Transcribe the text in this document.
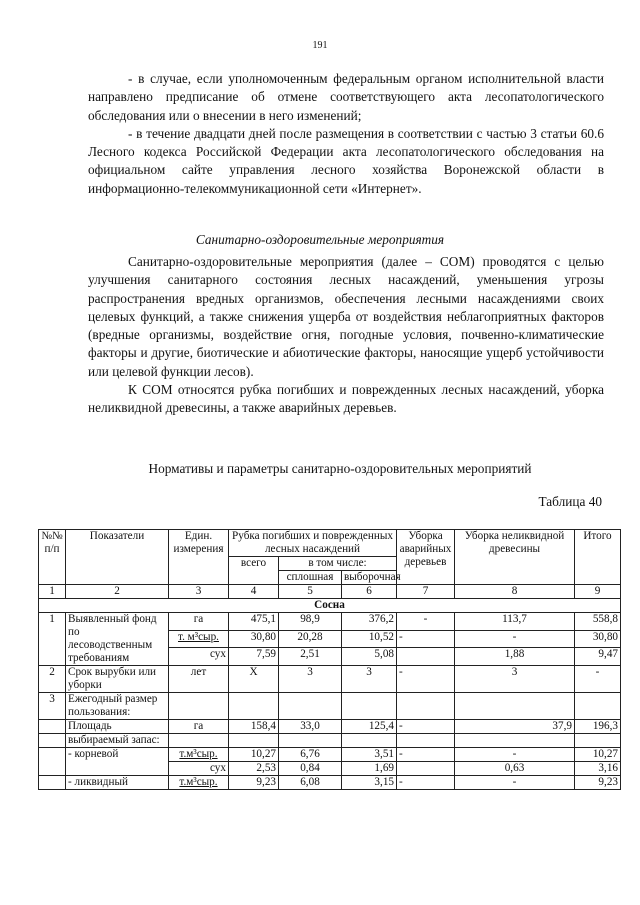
191

- в случае, если уполномоченным федеральным органом исполнительной власти направлено предписание об отмене соответствующего акта лесопатологического обследования или о внесении в него изменений;

- в течение двадцати дней после размещения в соответствии с частью 3 статьи 60.6 Лесного кодекса Российской Федерации акта лесопатологического обследования на официальном сайте управления лесного хозяйства Воронежской области в информационно-телекоммуникационной сети «Интернет».

Санитарно-оздоровительные мероприятия

Санитарно-оздоровительные мероприятия (далее – СОМ) проводятся с целью улучшения санитарного состояния лесных насаждений, уменьшения угрозы распространения вредных организмов, обеспечения лесными насаждениями своих целевых функций, а также снижения ущерба от воздействия неблагоприятных факторов (вредные организмы, воздействие огня, погодные условия, почвенно-климатические факторы и другие, биотические и абиотические факторы, наносящие ущерб устойчивости или целевой функции лесов).

К СОМ относятся рубка погибших и поврежденных лесных насаждений, уборка неликвидной древесины, а также аварийных деревьев.

Нормативы и параметры санитарно-оздоровительных мероприятий
Таблица 40
№№ п/п	Показатели	Един. измерения	Рубка погибших и поврежденных лесных насаждений			Уборка аварийных деревьев	Уборка неликвидной древесины	Итого
			всего	в том числе:				
				сплошная	выборочная			
1	2	3	4	5	6	7	8	9
Сосна								
1	Выявленный фонд по лесоводственным требованиям	га	475,1	98,9	376,2	-	113,7	558,8
		т. м³сыр.	30,80	20,28	10,52	-	-	30,80
		сух	7,59	2,51	5,08		1,88	9,47
2	Срок вырубки или уборки	лет	Х	3	3	-	3	-
3	Ежегодный размер пользования:							
	Площадь	га	158,4	33,0	125,4	-	37,9	196,3
	выбираемый запас:							
	- корневой	т.м³сыр.	10,27	6,76	3,51	-	-	10,27
		сух	2,53	0,84	1,69		0,63	3,16
	- ликвидный	т.м³сыр.	9,23	6,08	3,15	-	-	9,23
